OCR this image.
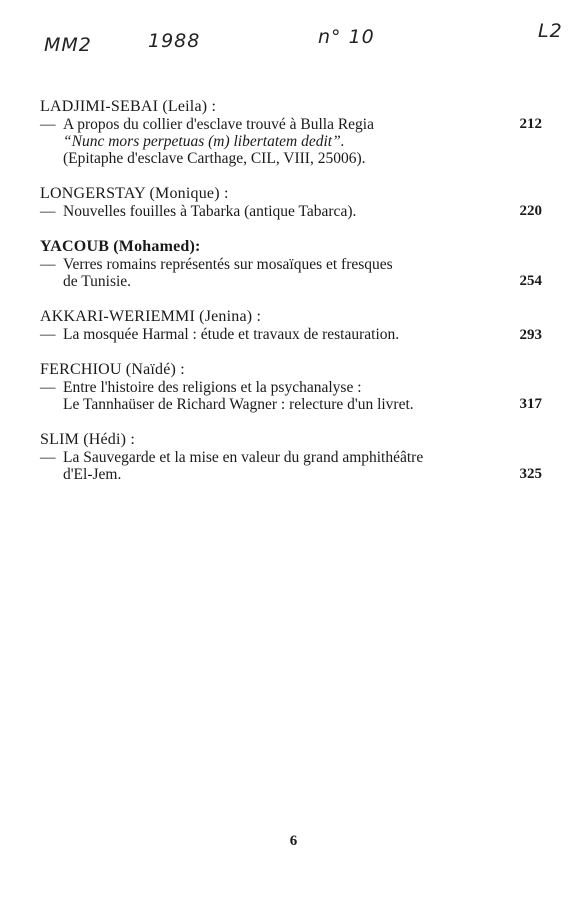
MM2	1988	n° 10	L2
LADJIMI-SEBAI (Leila) :
— A propos du collier d'esclave trouvé à Bulla Regia
“Nunc mors perpetuas (m) libertatem dedit”.
(Epitaphe d'esclave Carthage, CIL, VIII, 25006).
212
LONGERSTAY (Monique) :
— Nouvelles fouilles à Tabarka (antique Tabarca).	220
YACOUB (Mohamed):
— Verres romains représentés sur mosaïques et fresques
de Tunisie.	254
AKKARI-WERIEMMI (Jenina) :
— La mosquée Harmal : étude et travaux de restauration.	293
FERCHIOU (Naïdé) :
— Entre l'histoire des religions et la psychanalyse :
Le Tannhaüser de Richard Wagner : relecture d'un livret.	317
SLIM (Hédi) :
— La Sauvegarde et la mise en valeur du grand amphithéâtre
d'El-Jem.	325
6
